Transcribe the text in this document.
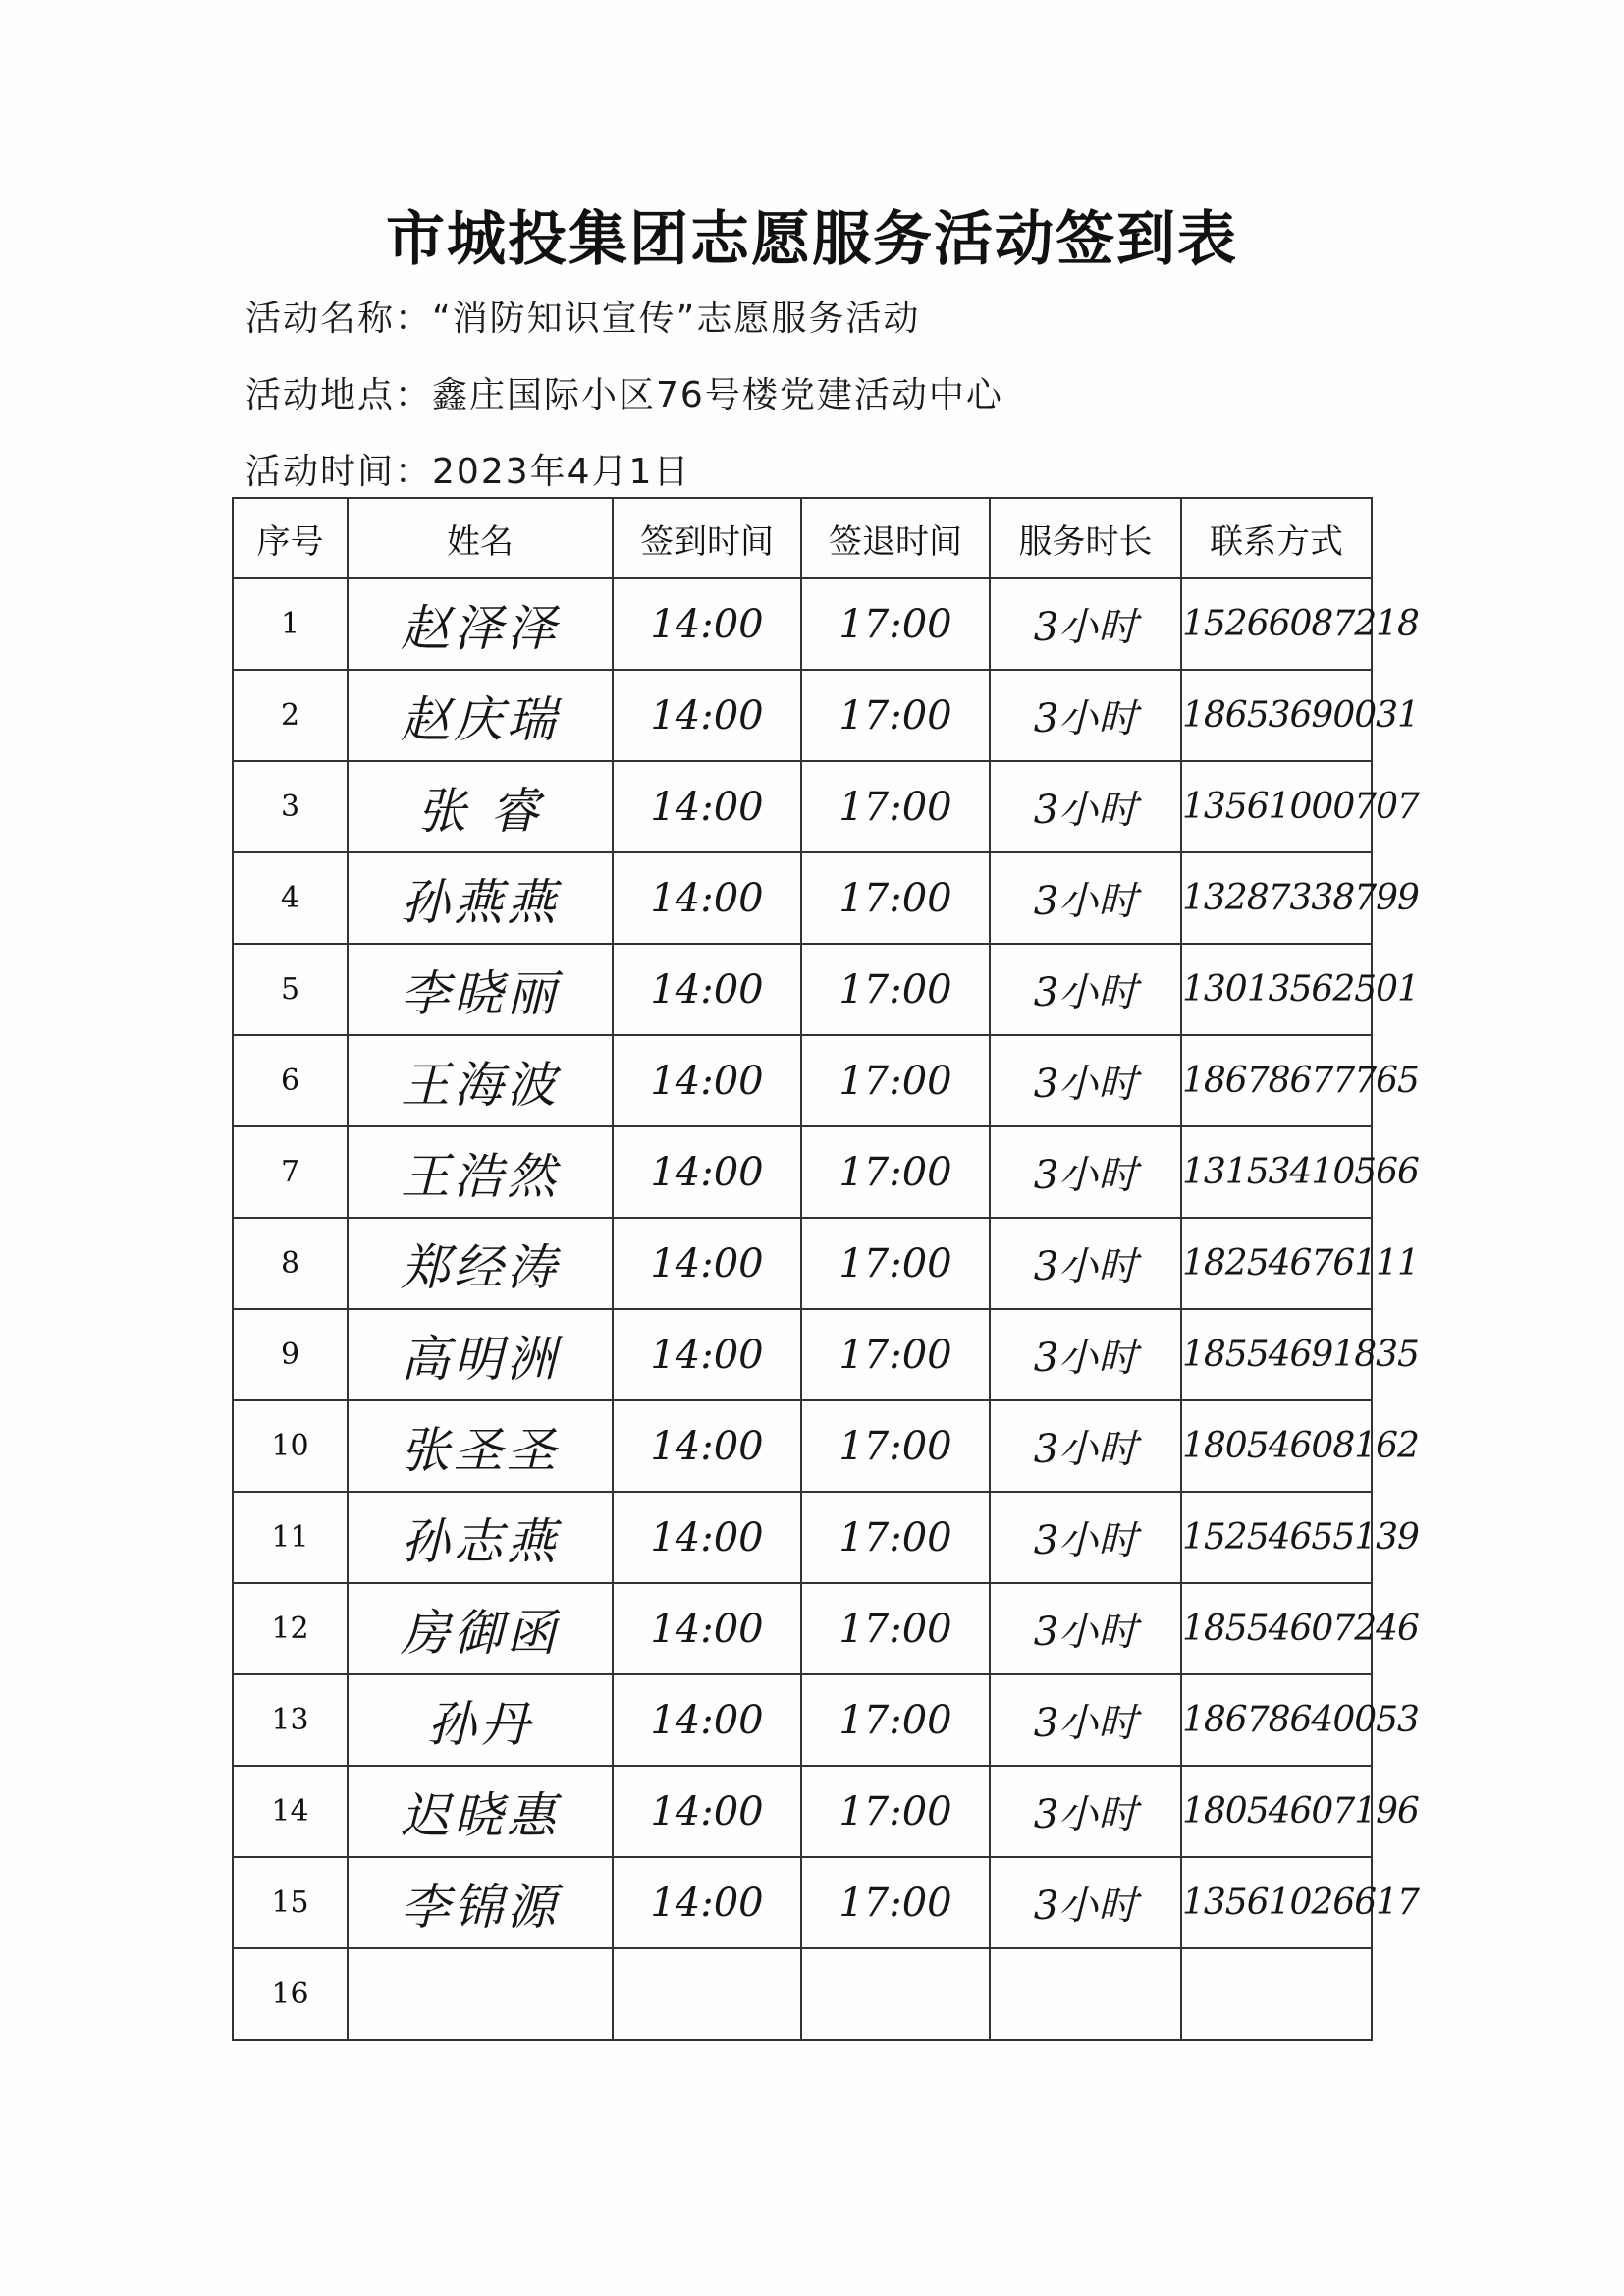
市城投集团志愿服务活动签到表
活动名称：“消防知识宣传”志愿服务活动
活动地点：鑫庄国际小区76号楼党建活动中心
活动时间：2023年4月1日
序号	姓名	签到时间	签退时间	服务时长	联系方式
1	赵泽泽	14:00	17:00	3小时	15266087218
2	赵庆瑞	14:00	17:00	3小时	18653690031
3	张 睿	14:00	17:00	3小时	13561000707
4	孙燕燕	14:00	17:00	3小时	13287338799
5	李晓丽	14:00	17:00	3小时	13013562501
6	王海波	14:00	17:00	3小时	18678677765
7	王浩然	14:00	17:00	3小时	13153410566
8	郑经涛	14:00	17:00	3小时	18254676111
9	高明洲	14:00	17:00	3小时	18554691835
10	张圣圣	14:00	17:00	3小时	18054608162
11	孙志燕	14:00	17:00	3小时	15254655139
12	房御函	14:00	17:00	3小时	18554607246
13	孙丹	14:00	17:00	3小时	18678640053
14	迟晓惠	14:00	17:00	3小时	18054607196
15	李锦源	14:00	17:00	3小时	13561026617
16					
